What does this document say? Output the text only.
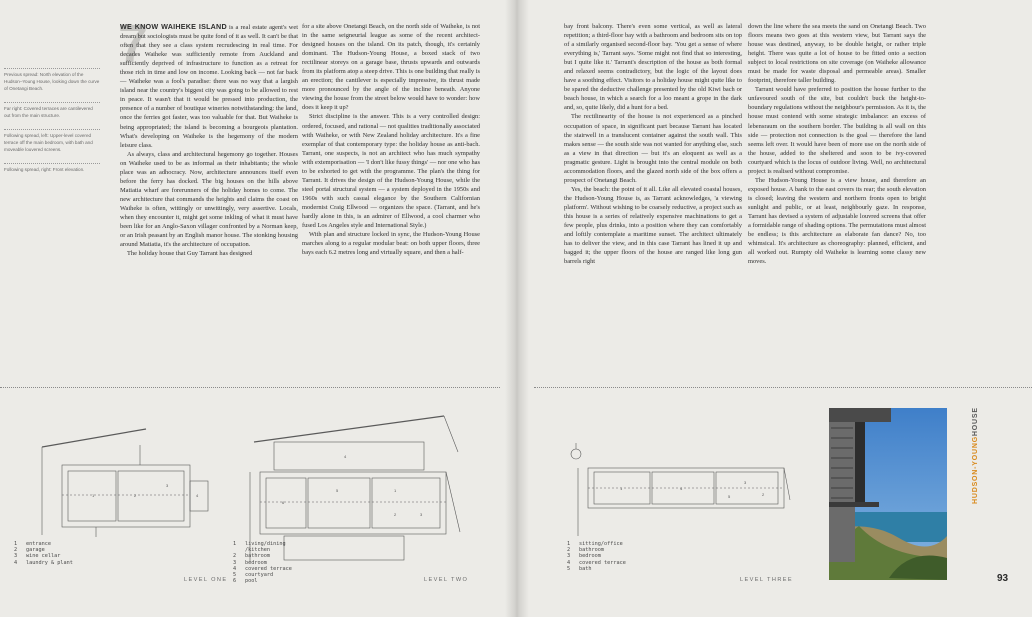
7
Previous spread: North elevation of the Hudson–Young House, looking down the curve of Onetangi Beach.
Far right: Covered terraces are cantilevered out from the main structure.
Following spread, left: Upper-level covered terrace off the main bedroom, with bath and moveable louvered screens.
Following spread, right: Front elevation.

WE KNOW WAIHEKE ISLAND is a real estate agent's wet dream but sociologists must be quite fond of it as well. It can't be that often that they see a class system recrudescing in real time. For decades Waiheke was sufficiently remote from Auckland and sufficiently deprived of infrastructure to function as a retreat for those rich in time and low on income. Looking back — not far back — Waiheke was a fool's paradise: there was no way that a largish island near the country's biggest city was going to be allowed to rest in peace. It wasn't that it would be pressed into production, the presence of a number of boutique wineries notwithstanding: the land, once the ferries got faster, was too valuable for that. But Waiheke is being appropriated; the island is becoming a bourgeois plantation. What's developing on Waiheke is the hegemony of the modern leisure class.

As always, class and architectural hegemony go together. Houses on Waiheke used to be as informal as their inhabitants; the whole place was an adhocracy. Now, architecture announces itself even before the ferry has docked. The big houses on the hills above Matiatia wharf are forerunners of the holiday homes to come. The new architecture that commands the heights and claims the coast on Waiheke is often, wittingly or unwittingly, very assertive. Locals, when they encounter it, might get some inkling of what it must have been like for an Anglo-Saxon villager confronted by a Norman keep, or an Irish peasant by an English manor house. The stonking housing around Matiatia, it's the architecture of occupation.

The holiday house that Guy Tarrant has designed

for a site above Onetangi Beach, on the north side of Waiheke, is not in the same seigneurial league as some of the recent architect-designed houses on the island. On its patch, though, it's certainly dominant. The Hudson-Young House, a boxed stack of two rectilinear storeys on a garage base, thrusts upwards and outwards from its platform atop a steep drive. This is one building that really is an erection; the cantilever is especially impressive, its thrust made more pronounced by the angle of the incline beneath. Anyone viewing the house from the street below would have to wonder: how does it keep it up?

Strict discipline is the answer. This is a very controlled design: ordered, focused, and rational — not qualities traditionally associated with Waiheke, or with New Zealand holiday architecture. It's a fine exemplar of that contemporary type: the holiday house as anti-bach. Tarrant, one suspects, is not an architect who has much sympathy with extemporisation — 'I don't like fussy things' — nor one who has to be exhorted to get with the programme. The plan's the thing for Tarrant. It drives the design of the Hudson-Young House, while the steel portal structural system — a system deployed in the 1950s and 1960s with such casual elegance by the Southern Californian modernist Craig Ellwood — organizes the space. (Tarrant, and he's hardly alone in this, is an admirer of Ellwood, a cool charmer who fused Los Angeles style and International Style.)

With plan and structure locked in sync, the Hudson-Young House marches along to a regular modular beat: on both upper floors, three bays each 6.2 metres long and virtually square, and then a half-

bay front balcony. There's even some vertical, as well as lateral repetition; a third-floor bay with a bathroom and bedroom sits on top of a similarly organised second-floor bay. 'You get a sense of where everything is,' Tarrant says. 'Some might not find that so interesting, but I quite like it.' Tarrant's description of the house as both formal and relaxed seems contradictory, but the logic of the layout does have a soothing effect. Visitors to a holiday house might quite like to be spared the deductive challenge presented by the old Kiwi bach or beach house, in which a search for a loo meant a grope in the dark and, so, quite likely, did a hunt for a bed.

The rectilinearity of the house is not experienced as a pinched occupation of space, in significant part because Tarrant has located the stairwell in a translucent container against the south wall. This makes sense — the south side was not wanted for anything else, such as a view in that direction — but it's an eloquent as well as a pragmatic gesture. Light is brought into the central module on both accommodation floors, and the glazed north side of the box offers a prospect of Onetangi Beach.

Yes, the beach: the point of it all. Like all elevated coastal houses, the Hudson-Young House is, as Tarrant acknowledges, 'a viewing platform'. Without wishing to be coarsely reductive, a project such as this house is a series of relatively expensive machinations to get a few people, plus drinks, into a position where they can comfortably and loftily contemplate a maritime sunset. The architect ultimately has to deliver the view, and in this case Tarrant has lined it up and bagged it; the upper floors of the house are ranged like long gun barrels right

down the line where the sea meets the sand on Onetangi Beach. Two floors means two goes at this western view, but Tarrant says the house was destined, anyway, to be double height, or rather triple height. There was quite a lot of house to be fitted onto a section subject to local restrictions on site coverage (on Waiheke allowance must be made for waste disposal and permeable areas). Smaller footprint, therefore taller building.

Tarrant would have preferred to position the house further to the unfavoured south of the site, but couldn't buck the height-to-boundary regulations without the neighbour's permission. As it is, the house must contend with some strategic imbalance: an excess of lebensraum on the southern border. The building is all wall on this side — protection not connection is the goal — therefore the land seems left over. It would have been of more use on the north side of the house, added to the sheltered and soon to be ivy-covered courtyard which is the locus of outdoor living. Well, no architectural project is realised without compromise.

The Hudson-Young House is a view house, and therefore an exposed house. A bank to the east covers its rear; the south elevation is closed; leaving the western and northern fronts open to bright sunlight and public, or at least, neighbourly gaze. In response, Tarrant has devised a system of adjustable louvred screens that offer a formidable range of shading options. The permutations must almost be endless; is this architecture as elaborate fan dance? No, too whimsical. It's architecture as choreography: planned, efficient, and all worked out. Rumpty old Waiheke is learning some classy new moves.

1	2
3
4
1	entrance
2	garage
3	wine cellar
4	laundry & plant
LEVEL ONE
6
5	1
4
2	3
1	living/dining
/kitchen
2	bathroom
3	bedroom
4	covered terrace
5	courtyard
6	pool	LEVEL TWO
1	4
3
2
5
1	sitting/office
2	bathroom
3	bedroom
4	covered terrace
5	bath
LEVEL THREE
HUDSON-YOUNGHOUSE
93
